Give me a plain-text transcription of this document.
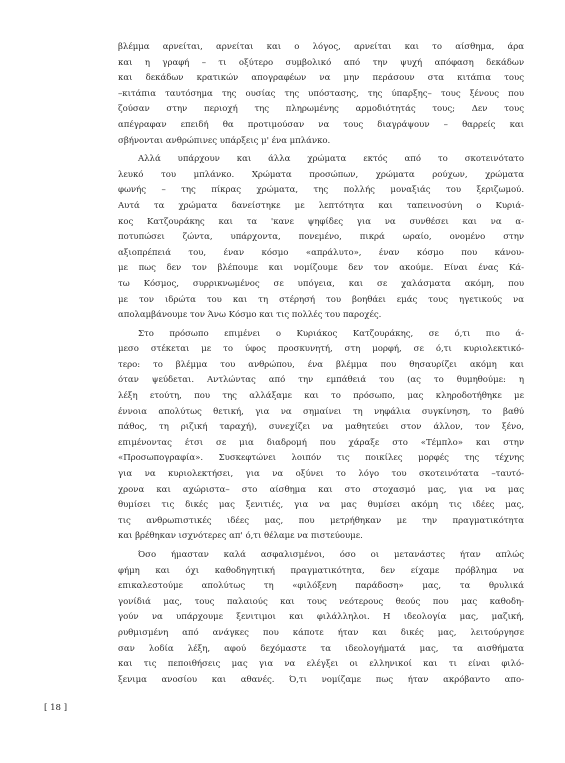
βλέμμα αρνείται, αρνείται και ο λόγος, αρνείται και το αίσθημα, άρα
και η γραφή – τι οξύτερο συμβολικό από την ψυχή απόφαση δεκάδων
και δεκάδων κρατικών απογραφέων να μην περάσουν στα κιτάπια τους
–κιτάπια ταυτόσημα της ουσίας της υπόστασης, της ύπαρξης– τους ξένους που
ζούσαν στην περιοχή της πληρωμένης αρμοδιότητάς τους; Δεν τους
απέγραφαν επειδή θα προτιμούσαν να τους διαγράψουν – θαρρείς και
σβήνονται ανθρώπινες υπάρξεις μ' ένα μπλάνκο.

Αλλά υπάρχουν και άλλα χρώματα εκτός από το σκοτεινότατο
λευκό του μπλάνκο. Χρώματα προσώπων, χρώματα ρούχων, χρώματα
φωνής – της πίκρας χρώματα, της πολλής μοναξιάς του ξεριζωμού.
Αυτά τα χρώματα δανείστηκε με λεπτότητα και ταπεινοσύνη ο Κυριά-
κος Κατζουράκης και τα 'κανε ψηφίδες για να συνθέσει και να α-
ποτυπώσει ζώντα, υπάρχοντα, πονεμένο, πικρά ωραίο, ονομένο στην
αξιοπρέπειά του, έναν κόσμο «απράλυτο», έναν κόσμο που κάνου-
με πως δεν τον βλέπουμε και νομίζουμε δεν τον ακούμε. Είναι ένας Κά-
τω Κόσμος, συρρικνωμένος σε υπόγεια, και σε χαλάσματα ακόμη, που
με τον ιδρώτα του και τη στέρησή του βοηθάει εμάς τους ηγετικούς να
απολαμβάνουμε τον Άνω Κόσμο και τις πολλές του παροχές.

Στο πρόσωπο επιμένει ο Κυριάκος Κατζουράκης, σε ό,τι πιο ά-
μεσο στέκεται με το ύφος προσκυνητή, στη μορφή, σε ό,τι κυριολεκτικό-
τερο: το βλέμμα του ανθρώπου, ένα βλέμμα που θησαυρίζει ακόμη και
όταν ψεύδεται. Αντλώντας από την εμπάθειά του (ας το θυμηθούμε: η
λέξη ετούτη, που της αλλάξαμε και το πρόσωπο, μας κληροδοτήθηκε με
έννοια απολύτως θετική, για να σημαίνει τη νηφάλια συγκίνηση, το βαθύ
πάθος, τη ριζική ταραχή), συνεχίζει να μαθητεύει στον άλλον, τον ξένο,
επιμένοντας έτσι σε μια διαδρομή που χάραξε στο «Τέμπλο» και στην
«Προσωπογραφία». Συσκεφτώνει λοιπόν τις ποικίλες μορφές της τέχνης
για να κυριολεκτήσει, για να οξύνει το λόγο του σκοτεινότατα –ταυτό-
χρονα και αχώριστα– στο αίσθημα και στο στοχασμό μας, για να μας
θυμίσει τις δικές μας ξενιτιές, για να μας θυμίσει ακόμη τις ιδέες μας,
τις ανθρωπιστικές ιδέες μας, που μετρήθηκαν με την πραγματικότητα
και βρέθηκαν ισχνότερες απ' ό,τι θέλαμε να πιστεύουμε.

Όσο ήμασταν καλά ασφαλισμένοι, όσο οι μετανάστες ήταν απλώς
φήμη και όχι καθοδηγητική πραγματικότητα, δεν είχαμε πρόβλημα να
επικαλεστούμε απολύτως τη «φιλόξενη παράδοση» μας, τα θρυλικά
γονίδιά μας, τους παλαιούς και τους νεότερους θεούς που μας καθοδη-
γούν να υπάρχουμε ξενιτιμοι και φιλάλληλοι. Η ιδεολογία μας, μαζική,
ρυθμισμένη από ανάγκες που κάποτε ήταν και δικές μας, λειτούργησε
σαν λοδία λέξη, αφού δεχόμαστε τα ιδεολογήματά μας, τα αισθήματα
και τις πεποιθήσεις μας για να ελέγξει οι ελληνικοί και τι είναι φιλό-
ξενιμα ανοσίου και αθανές. Ό,τι νομίζαμε πως ήταν ακρόβαντο απο-

[ 18 ]
